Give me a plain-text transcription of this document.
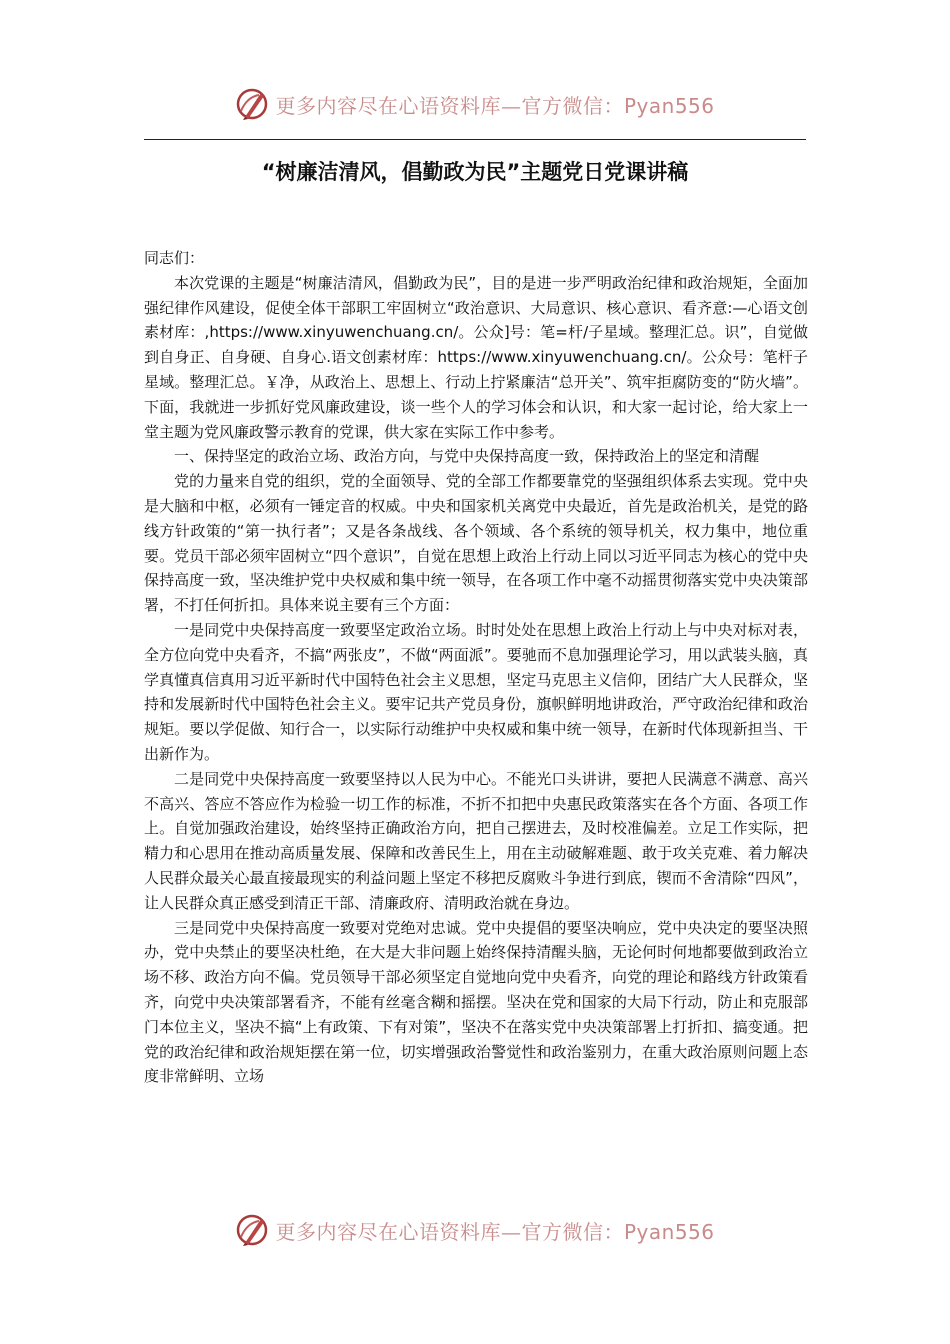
更多内容尽在心语资料库—官方微信：Pyan556
“树廉洁清风，倡勤政为民”主题党日党课讲稿

同志们：

本次党课的主题是“树廉洁清风，倡勤政为民”，目的是进一步严明政治纪律和政治规矩，全面加强纪律作风建设，促使全体干部职工牢固树立“政治意识、大局意识、核心意识、看齐意:—心语文创素材库：,https://www.xinyuwenchuang.cn/。公众]号：笔=杆/子星域。整理汇总。识”，自觉做到自身正、自身硬、自身心.语文创素材库：https://www.xinyuwenchuang.cn/。公众号：笔杆子星域。整理汇总。￥净，从政治上、思想上、行动上拧紧廉洁“总开关”、筑牢拒腐防变的“防火墙”。下面，我就进一步抓好党风廉政建设，谈一些个人的学习体会和认识，和大家一起讨论，给大家上一堂主题为党风廉政警示教育的党课，供大家在实际工作中参考。

一、保持坚定的政治立场、政治方向，与党中央保持高度一致，保持政治上的坚定和清醒

党的力量来自党的组织，党的全面领导、党的全部工作都要靠党的坚强组织体系去实现。党中央是大脑和中枢，必须有一锤定音的权威。中央和国家机关离党中央最近，首先是政治机关，是党的路线方针政策的“第一执行者”；又是各条战线、各个领域、各个系统的领导机关，权力集中，地位重要。党员干部必须牢固树立“四个意识”，自觉在思想上政治上行动上同以习近平同志为核心的党中央保持高度一致，坚决维护党中央权威和集中统一领导，在各项工作中毫不动摇贯彻落实党中央决策部署，不打任何折扣。具体来说主要有三个方面：

一是同党中央保持高度一致要坚定政治立场。时时处处在思想上政治上行动上与中央对标对表，全方位向党中央看齐，不搞“两张皮”，不做“两面派”。要驰而不息加强理论学习，用以武装头脑，真学真懂真信真用习近平新时代中国特色社会主义思想，坚定马克思主义信仰，团结广大人民群众，坚持和发展新时代中国特色社会主义。要牢记共产党员身份，旗帜鲜明地讲政治，严守政治纪律和政治规矩。要以学促做、知行合一，以实际行动维护中央权威和集中统一领导，在新时代体现新担当、干出新作为。

二是同党中央保持高度一致要坚持以人民为中心。不能光口头讲讲，要把人民满意不满意、高兴不高兴、答应不答应作为检验一切工作的标准，不折不扣把中央惠民政策落实在各个方面、各项工作上。自觉加强政治建设，始终坚持正确政治方向，把自己摆进去，及时校准偏差。立足工作实际，把精力和心思用在推动高质量发展、保障和改善民生上，用在主动破解难题、敢于攻关克难、着力解决人民群众最关心最直接最现实的利益问题上坚定不移把反腐败斗争进行到底，锲而不舍清除“四风”，让人民群众真正感受到清正干部、清廉政府、清明政治就在身边。

三是同党中央保持高度一致要对党绝对忠诚。党中央提倡的要坚决响应，党中央决定的要坚决照办，党中央禁止的要坚决杜绝，在大是大非问题上始终保持清醒头脑，无论何时何地都要做到政治立场不移、政治方向不偏。党员领导干部必须坚定自觉地向党中央看齐，向党的理论和路线方针政策看齐，向党中央决策部署看齐，不能有丝毫含糊和摇摆。坚决在党和国家的大局下行动，防止和克服部门本位主义，坚决不搞“上有政策、下有对策”，坚决不在落实党中央决策部署上打折扣、搞变通。把党的政治纪律和政治规矩摆在第一位，切实增强政治警觉性和政治鉴别力，在重大政治原则问题上态度非常鲜明、立场

更多内容尽在心语资料库—官方微信：Pyan556
